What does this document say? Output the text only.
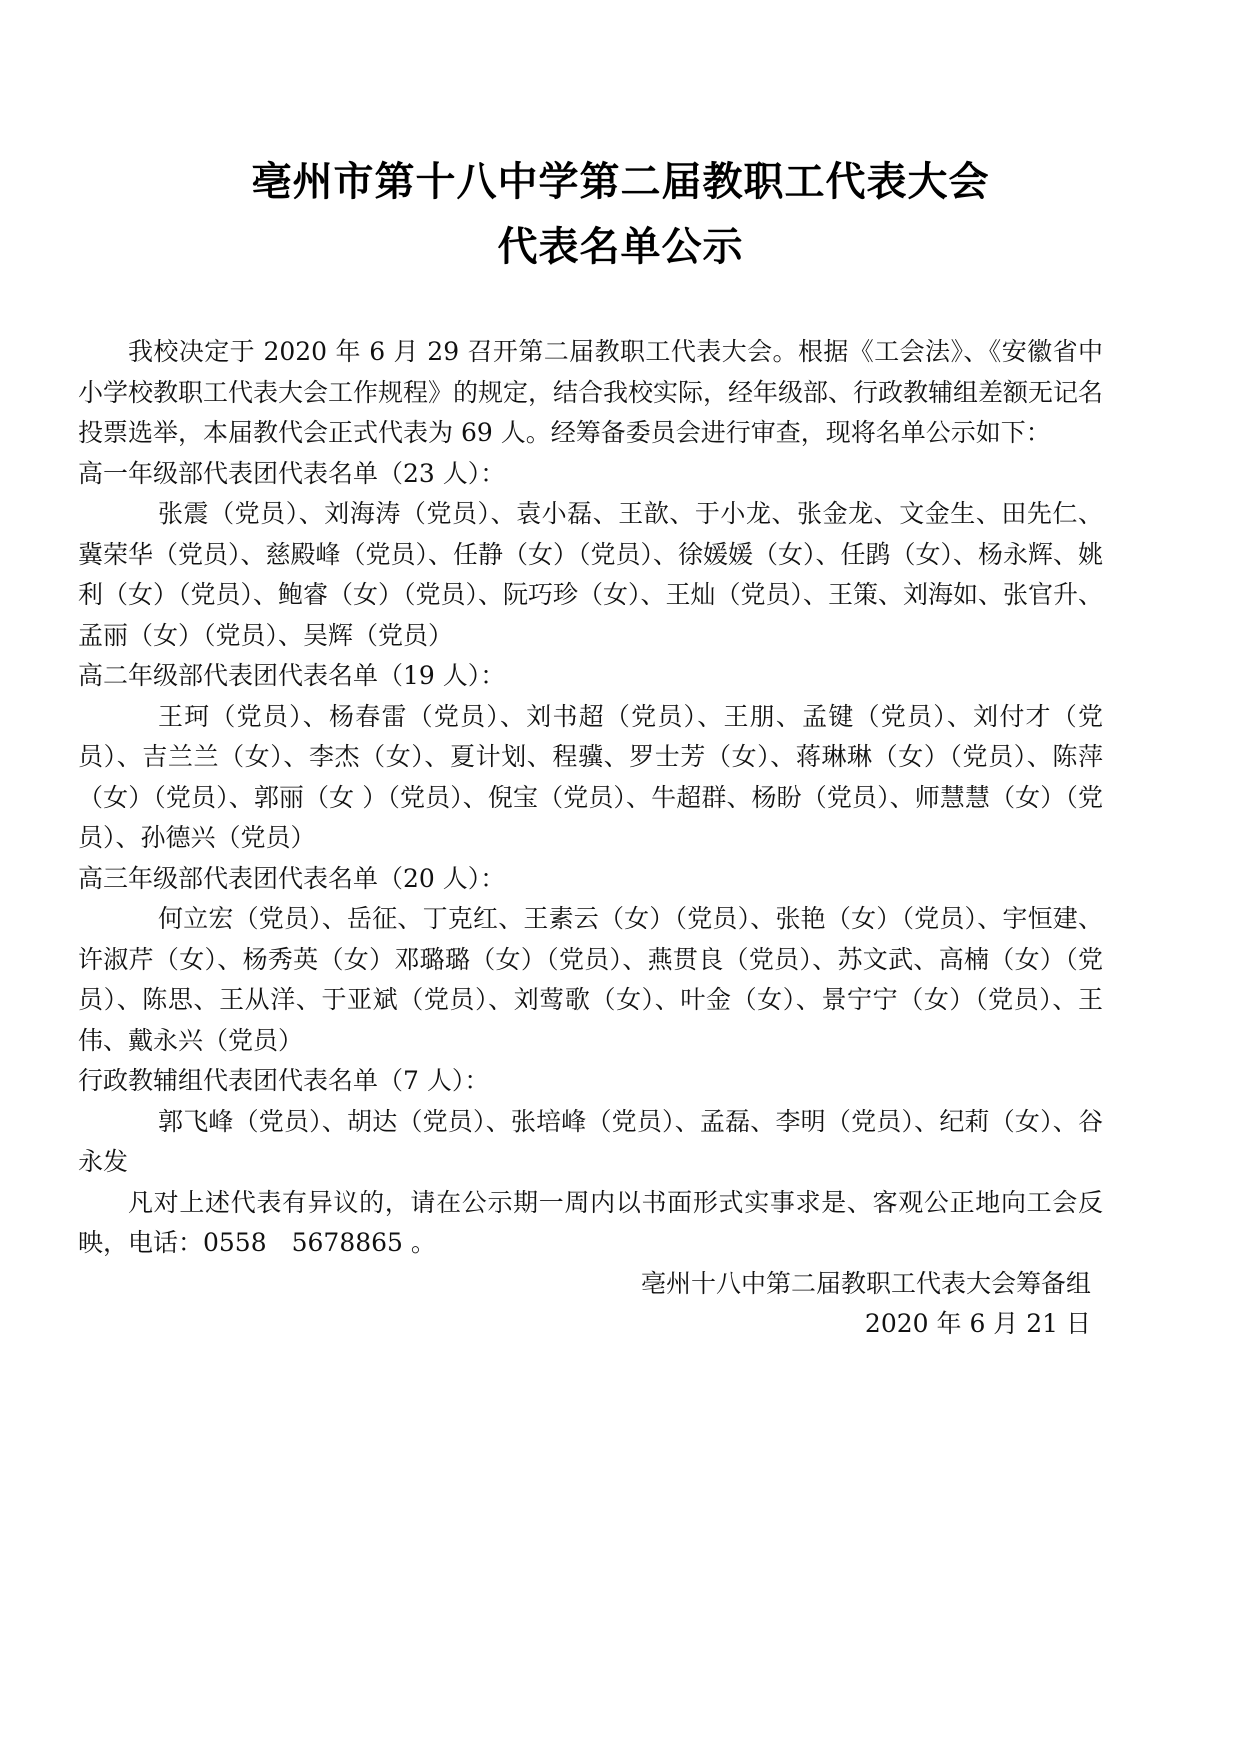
亳州市第十八中学第二届教职工代表大会
代表名单公示

我校决定于 2020 年 6 月 29 召开第二届教职工代表大会。根据《工会法》、《安徽省中小学校教职工代表大会工作规程》的规定，结合我校实际，经年级部、行政教辅组差额无记名投票选举，本届教代会正式代表为 69 人。经筹备委员会进行审查，现将名单公示如下：

高一年级部代表团代表名单（23 人）：

张震（党员）、刘海涛（党员）、袁小磊、王歆、于小龙、张金龙、文金生、田先仁、 冀荣华（党员）、慈殿峰（党员）、任静（女）（党员）、徐媛媛（女）、任鹍（女）、杨永辉、姚利（女）（党员）、鲍睿（女）（党员）、阮巧珍（女）、王灿（党员）、王策、刘海如、张官升、孟丽（女）（党员）、吴辉（党员）

高二年级部代表团代表名单（19 人）：

王珂（党员）、杨春雷（党员）、刘书超（党员）、王朋、孟键（党员）、刘付才（党员）、吉兰兰（女）、李杰（女）、夏计划、程骥、罗士芳（女）、蒋琳琳（女）（党员）、陈萍（女）（党员）、郭丽（女 ）（党员）、倪宝（党员）、牛超群、杨盼（党员）、师慧慧（女）（党员）、孙德兴（党员）

高三年级部代表团代表名单（20 人）：

何立宏（党员）、岳征、丁克红、王素云（女）（党员）、张艳（女）（党员）、宇恒建、许淑芹（女）、杨秀英（女）邓璐璐（女）（党员）、燕贯良（党员）、苏文武、高楠（女）（党员）、陈思、王从洋、于亚斌（党员）、刘莺歌（女）、叶金（女）、景宁宁（女）（党员）、王伟、戴永兴（党员）

行政教辅组代表团代表名单（7 人）：

郭飞峰（党员）、胡达（党员）、张培峰（党员）、孟磊、李明（党员）、纪莉（女）、谷永发

凡对上述代表有异议的，请在公示期一周内以书面形式实事求是、客观公正地向工会反映，电话：0558　5678865 。

亳州十八中第二届教职工代表大会筹备组

2020 年 6 月 21 日
